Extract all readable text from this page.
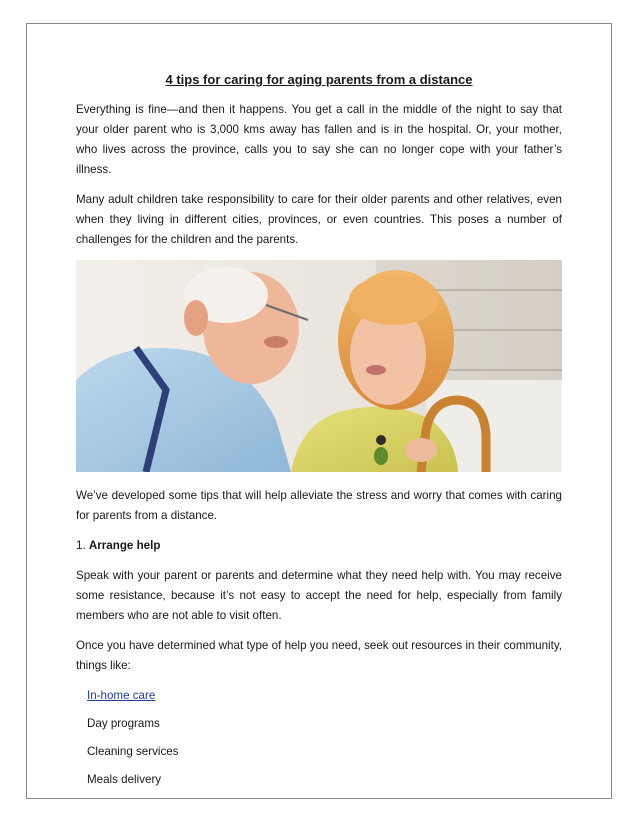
4 tips for caring for aging parents from a distance

Everything is fine—and then it happens. You get a call in the middle of the night to say that your older parent who is 3,000 kms away has fallen and is in the hospital. Or, your mother, who lives across the province, calls you to say she can no longer cope with your father’s illness.

Many adult children take responsibility to care for their older parents and other relatives, even when they living in different cities, provinces, or even countries. This poses a number of challenges for the children and the parents.

We’ve developed some tips that will help alleviate the stress and worry that comes with caring for parents from a distance.

1. Arrange help

Speak with your parent or parents and determine what they need help with. You may receive some resistance, because it’s not easy to accept the need for help, especially from family members who are not able to visit often.

Once you have determined what type of help you need, seek out resources in their community, things like:

In-home care
Day programs
Cleaning services
Meals delivery
